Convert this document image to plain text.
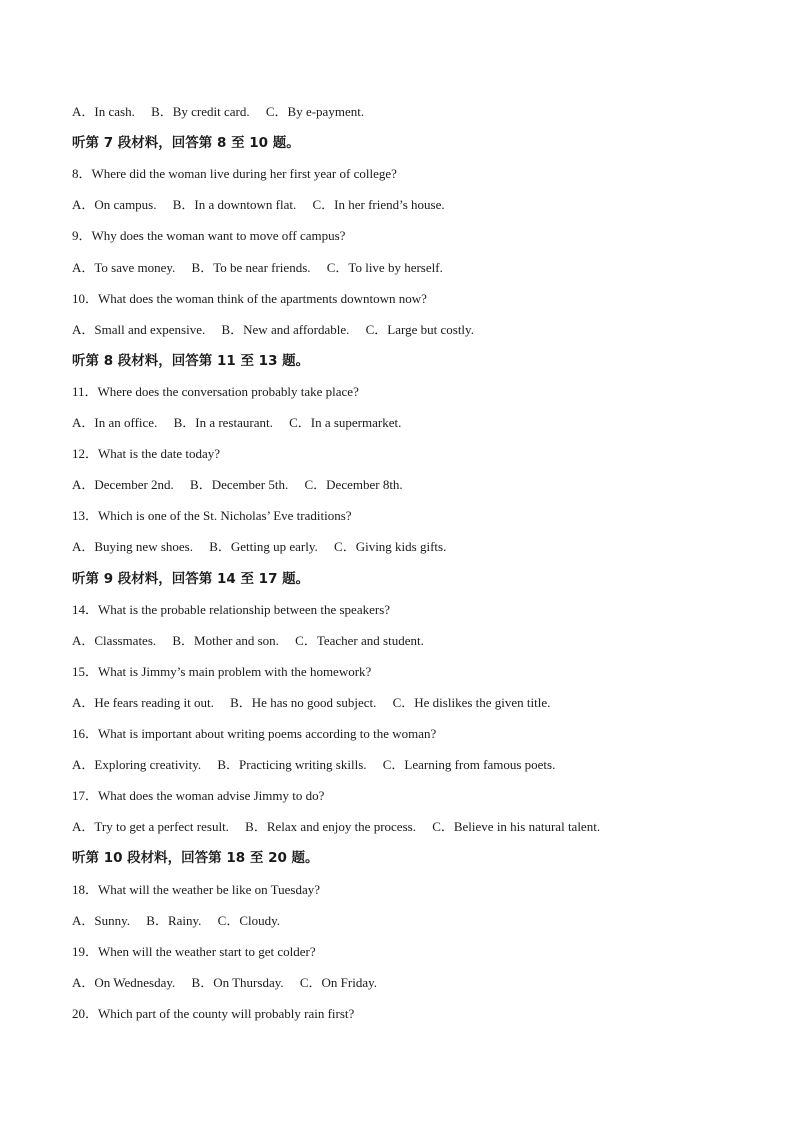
A．In cash.     B．By credit card.     C．By e-payment.
听第 7 段材料，回答第 8 至 10 题。
8．Where did the woman live during her first year of college?
A．On campus.     B．In a downtown flat.     C．In her friend’s house.
9．Why does the woman want to move off campus?
A．To save money.     B．To be near friends.     C．To live by herself.
10．What does the woman think of the apartments downtown now?
A．Small and expensive.     B．New and affordable.     C．Large but costly.
听第 8 段材料，回答第 11 至 13 题。
11．Where does the conversation probably take place?
A．In an office.     B．In a restaurant.     C．In a supermarket.
12．What is the date today?
A．December 2nd.     B．December 5th.     C．December 8th.
13．Which is one of the St. Nicholas’ Eve traditions?
A．Buying new shoes.     B．Getting up early.     C．Giving kids gifts.
听第 9 段材料，回答第 14 至 17 题。
14．What is the probable relationship between the speakers?
A．Classmates.     B．Mother and son.     C．Teacher and student.
15．What is Jimmy’s main problem with the homework?
A．He fears reading it out.     B．He has no good subject.     C．He dislikes the given title.
16．What is important about writing poems according to the woman?
A．Exploring creativity.     B．Practicing writing skills.     C．Learning from famous poets.
17．What does the woman advise Jimmy to do?
A．Try to get a perfect result.     B．Relax and enjoy the process.     C．Believe in his natural talent.
听第 10 段材料，回答第 18 至 20 题。
18．What will the weather be like on Tuesday?
A．Sunny.     B．Rainy.     C．Cloudy.
19．When will the weather start to get colder?
A．On Wednesday.     B．On Thursday.     C．On Friday.
20．Which part of the county will probably rain first?
